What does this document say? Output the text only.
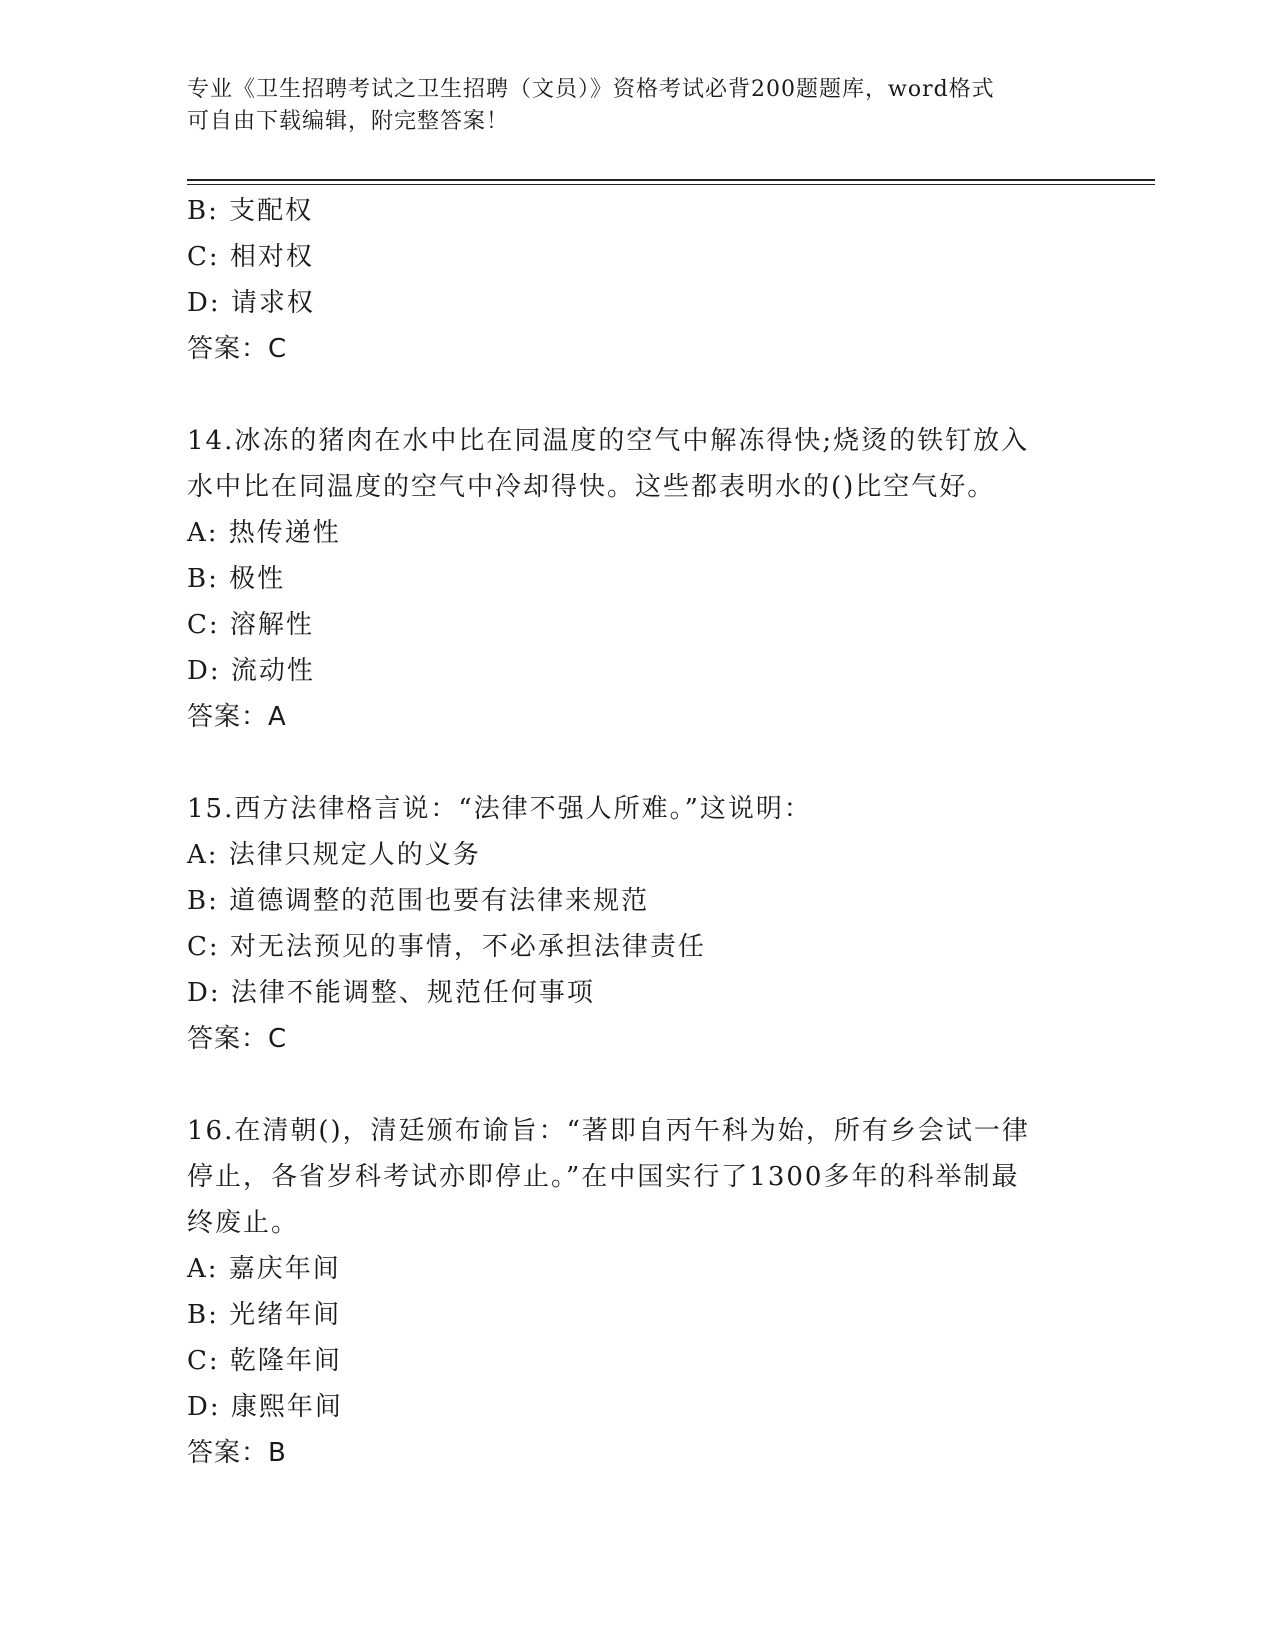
专业《卫生招聘考试之卫生招聘（文员）》资格考试必背200题题库，word格式
可自由下载编辑，附完整答案！
B: 支配权
C: 相对权
D: 请求权
答案：C
14.冰冻的猪肉在水中比在同温度的空气中解冻得快;烧烫的铁钉放入
水中比在同温度的空气中冷却得快。这些都表明水的()比空气好。
A: 热传递性
B: 极性
C: 溶解性
D: 流动性
答案：A
15.西方法律格言说：“法律不强人所难。”这说明：
A: 法律只规定人的义务
B: 道德调整的范围也要有法律来规范
C: 对无法预见的事情，不必承担法律责任
D: 法律不能调整、规范任何事项
答案：C
16.在清朝()，清廷颁布谕旨：“著即自丙午科为始，所有乡会试一律
停止，各省岁科考试亦即停止。”在中国实行了1300多年的科举制最
终废止。
A: 嘉庆年间
B: 光绪年间
C: 乾隆年间
D: 康熙年间
答案：B
